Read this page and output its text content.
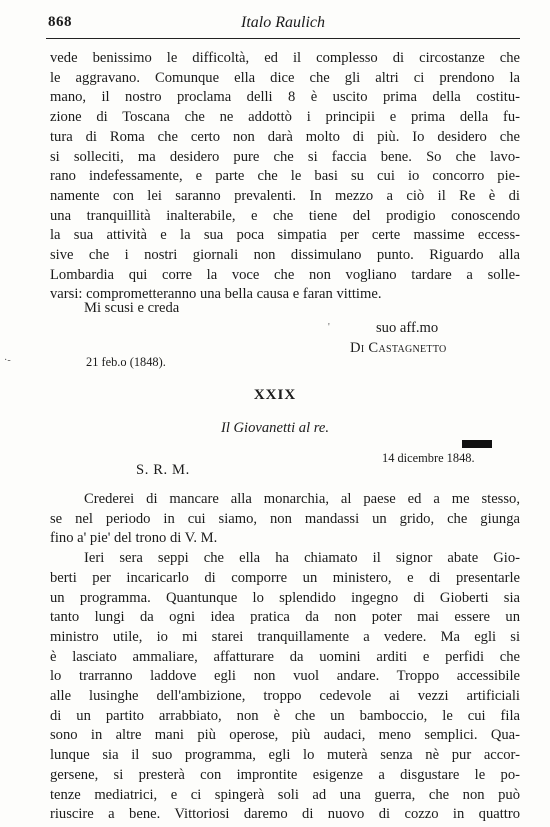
868	Italo Raulich
vede benissimo le difficoltà, ed il complesso di circostanze che
le aggravano. Comunque ella dice che gli altri ci prendono la
mano, il nostro proclama delli 8 è uscito prima della costitu-
zione di Toscana che ne addottò i principii e prima della fu-
tura di Roma che certo non darà molto di più. Io desidero che
si solleciti, ma desidero pure che si faccia bene. So che lavo-
rano indefessamente, e parte che le basi su cui io concorro pie-
namente con lei saranno prevalenti. In mezzo a ciò il Re è di
una tranquillità inalterabile, e che tiene del prodigio conoscendo
la sua attività e la sua poca simpatia per certe massime eccess-
sive che i nostri giornali non dissimulano punto. Riguardo alla
Lombardia qui corre la voce che non vogliano tardare a solle-
varsi: comprometteranno una bella causa e faran vittime.
Mi scusi e creda
suo aff.mo
Di Castagnetto
21 feb.o (1848).
XXIX
Il Giovanetti al re.
14 dicembre 1848.
S. R. M.
Crederei di mancare alla monarchia, al paese ed a me stesso,
se nel periodo in cui siamo, non mandassi un grido, che giunga
fino a' pie' del trono di V. M.
Ieri sera seppi che ella ha chiamato il signor abate Gio-
berti per incaricarlo di comporre un ministero, e di presentarle
un programma. Quantunque lo splendido ingegno di Gioberti sia
tanto lungi da ogni idea pratica da non poter mai essere un
ministro utile, io mi starei tranquillamente a vedere. Ma egli si
è lasciato ammaliare, affatturare da uomini arditi e perfidi che
lo trarranno laddove egli non vuol andare. Troppo accessibile
alle lusinghe dell'ambizione, troppo cedevole ai vezzi artificiali
di un partito arrabbiato, non è che un bamboccio, le cui fila
sono in altre mani più operose, più audaci, meno semplici. Qua-
lunque sia il suo programma, egli lo muterà senza nè pur accor-
gersene, si presterà con improntite esigenze a disgustare le po-
tenze mediatrici, e ci spingerà soli ad una guerra, che non può
riuscire a bene. Vittoriosi daremo di nuovo di cozzo in quattro
·-
'
